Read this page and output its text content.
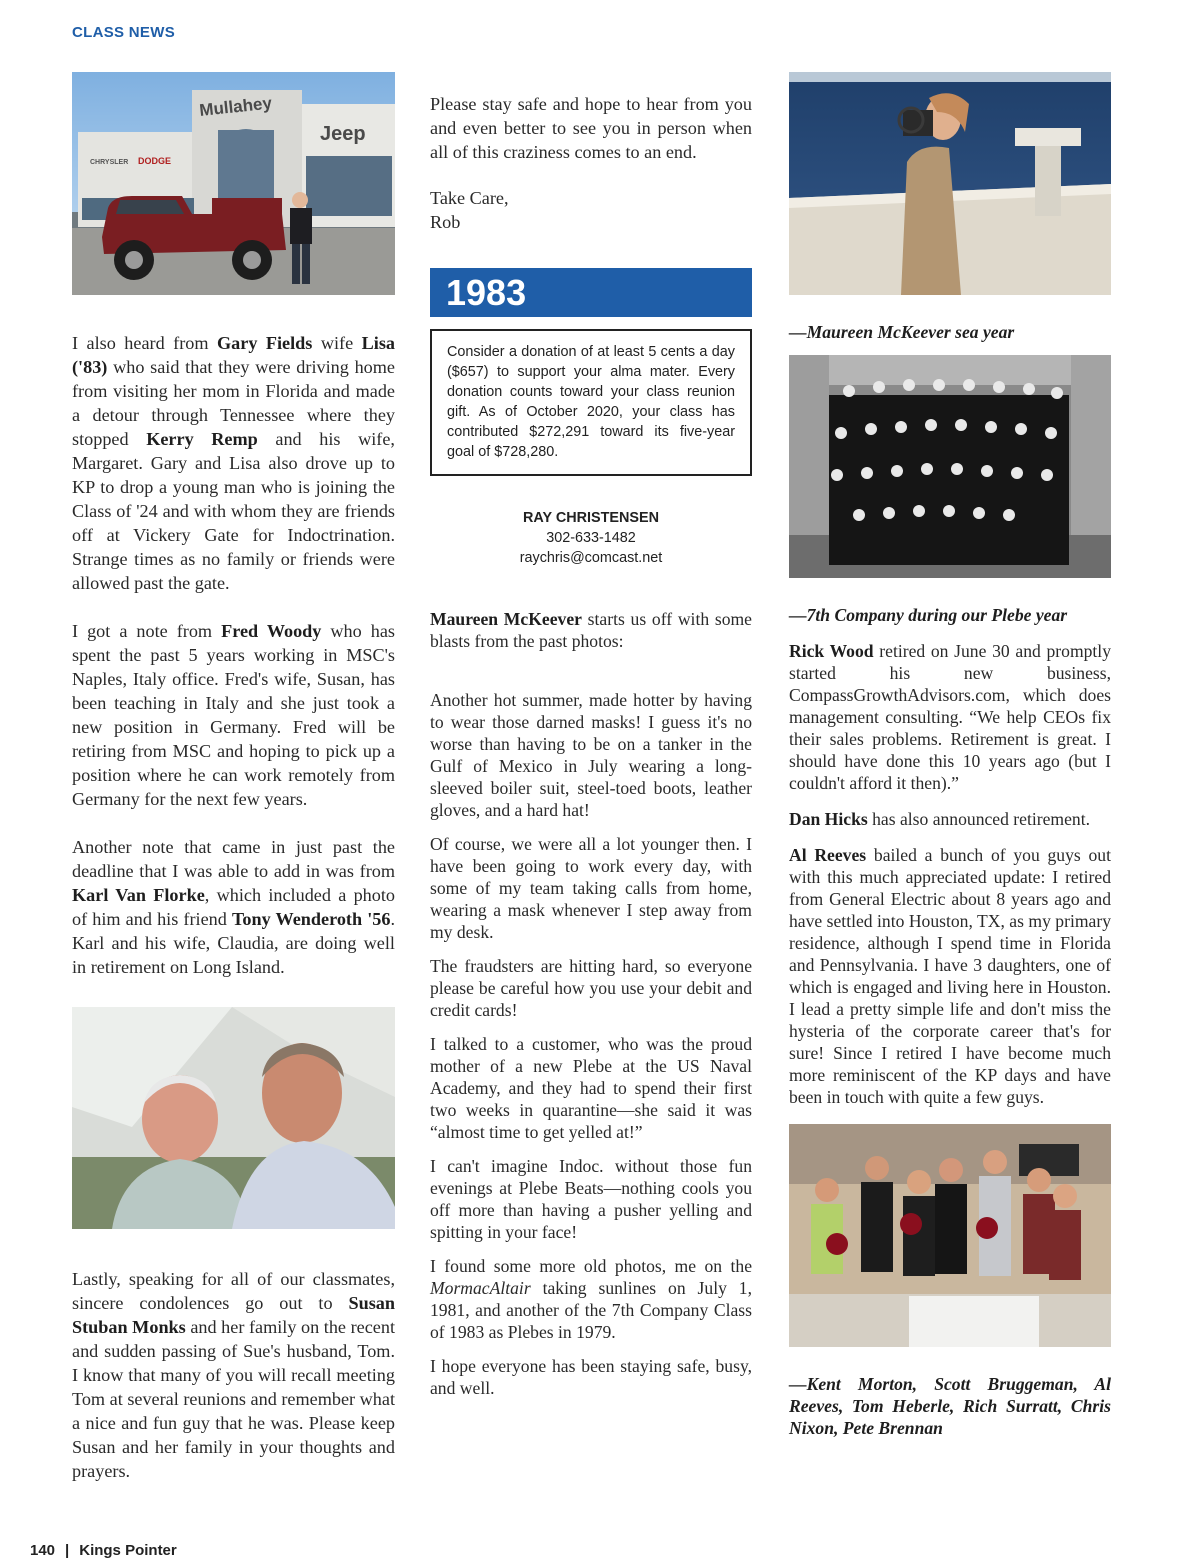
CLASS NEWS
Mullahey
CHRYSLER DODGE
Jeep

I also heard from Gary Fields wife Lisa ('83) who said that they were driving home from visiting her mom in Florida and made a detour through Tennessee where they stopped Kerry Remp and his wife, Margaret. Gary and Lisa also drove up to KP to drop a young man who is joining the Class of '24 and with whom they are friends off at Vickery Gate for Indoctrination. Strange times as no family or friends were allowed past the gate.

I got a note from Fred Woody who has spent the past 5 years working in MSC's Naples, Italy office. Fred's wife, Susan, has been teaching in Italy and she just took a new position in Germany. Fred will be retiring from MSC and hoping to pick up a position where he can work remotely from Germany for the next few years.

Another note that came in just past the deadline that I was able to add in was from Karl Van Florke, which included a photo of him and his friend Tony Wenderoth '56. Karl and his wife, Claudia, are doing well in retirement on Long Island.

Lastly, speaking for all of our classmates, sincere condolences go out to Susan Stuban Monks and her family on the recent and sudden passing of Sue's husband, Tom. I know that many of you will recall meeting Tom at several reunions and remember what a nice and fun guy that he was. Please keep Susan and her family in your thoughts and prayers.

Please stay safe and hope to hear from you and even better to see you in person when all of this craziness comes to an end.

Take Care,
Rob

1983
Consider a donation of at least 5 cents a day ($657) to support your alma mater. Every donation counts toward your class reunion gift. As of October 2020, your class has contributed $272,291 toward its five-year goal of $728,280.
RAY CHRISTENSEN
302-633-1482
raychris@comcast.net

Maureen McKeever starts us off with some blasts from the past photos:

Another hot summer, made hotter by having to wear those darned masks! I guess it's no worse than having to be on a tanker in the Gulf of Mexico in July wearing a long-sleeved boiler suit, steel-toed boots, leather gloves, and a hard hat!

Of course, we were all a lot younger then. I have been going to work every day, with some of my team taking calls from home, wearing a mask whenever I step away from my desk.

The fraudsters are hitting hard, so everyone please be careful how you use your debit and credit cards!

I talked to a customer, who was the proud mother of a new Plebe at the US Naval Academy, and they had to spend their first two weeks in quarantine—she said it was “almost time to get yelled at!”

I can't imagine Indoc. without those fun evenings at Plebe Beats—nothing cools you off more than having a pusher yelling and spitting in your face!

I found some more old photos, me on the MormacAltair taking sunlines on July 1, 1981, and another of the 7th Company Class of 1983 as Plebes in 1979.

I hope everyone has been staying safe, busy, and well.

—Maureen McKeever sea year

—7th Company during our Plebe year

Rick Wood retired on June 30 and promptly started his new business, CompassGrowthAdvisors.com, which does management consulting. “We help CEOs fix their sales problems. Retirement is great. I should have done this 10 years ago (but I couldn't afford it then).”

Dan Hicks has also announced retirement.

Al Reeves bailed a bunch of you guys out with this much appreciated update: I retired from General Electric about 8 years ago and have settled into Houston, TX, as my primary residence, although I spend time in Florida and Pennsylvania. I have 3 daughters, one of which is engaged and living here in Houston. I lead a pretty simple life and don't miss the hysteria of the corporate career that's for sure! Since I retired I have become much more reminiscent of the KP days and have been in touch with quite a few guys.

—Kent Morton, Scott Bruggeman, Al Reeves, Tom Heberle, Rich Surratt, Chris Nixon, Pete Brennan

140 | Kings Pointer
